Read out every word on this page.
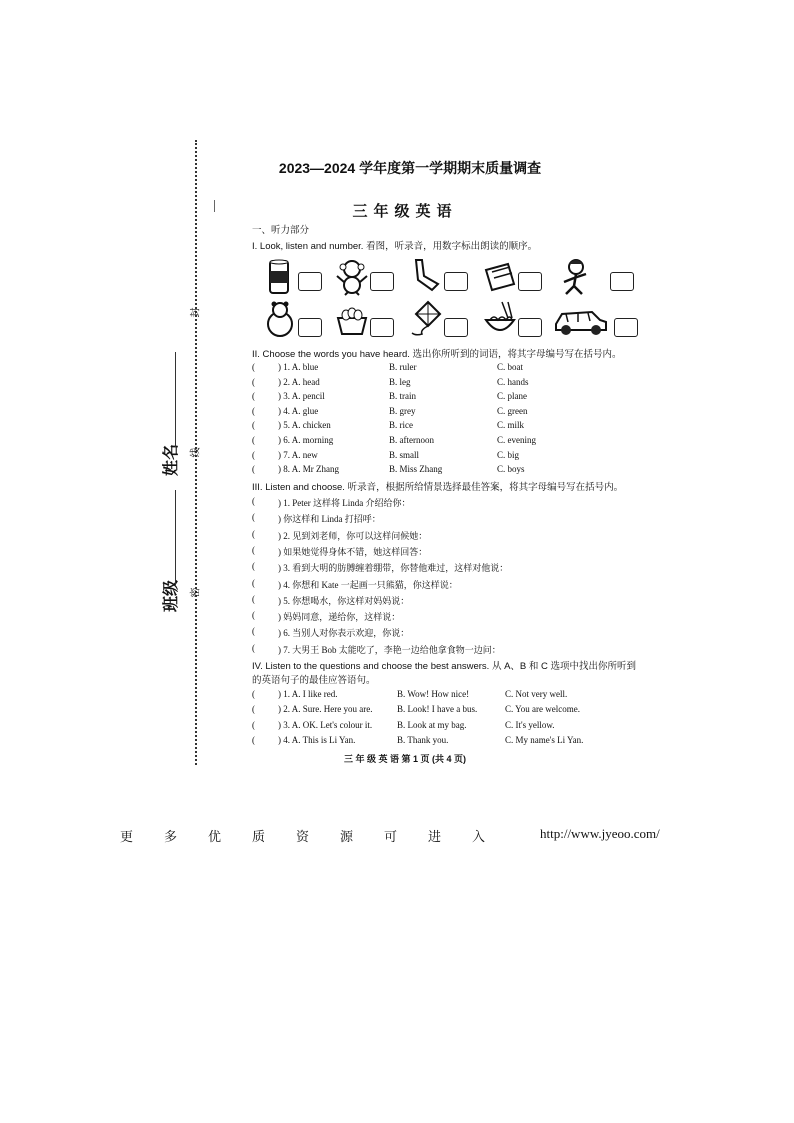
班级
姓名
密
线
封
2023—2024 学年度第一学期期末质量调查
三年级英语
一、听力部分
I. Look, listen and number. 看图，听录音，用数字标出朗读的顺序。
II. Choose the words you have heard. 选出你所听到的词语，将其字母编号写在括号内。
(	) 1. A. blue	B. ruler	C. boat
(	) 2. A. head	B. leg	C. hands
(	) 3. A. pencil	B. train	C. plane
(	) 4. A. glue	B. grey	C. green
(	) 5. A. chicken	B. rice	C. milk
(	) 6. A. morning	B. afternoon	C. evening
(	) 7. A. new	B. small	C. big
(	) 8. A. Mr Zhang	B. Miss Zhang	C. boys
III. Listen and choose. 听录音，根据所给情景选择最佳答案，将其字母编号写在括号内。
(	) 1. Peter 这样将 Linda 介绍给你：
(	) 你这样和 Linda 打招呼：
(	) 2. 见到刘老师，你可以这样问候她：
(	) 如果她觉得身体不错，她这样回答：
(	) 3. 看到大明的肪膊缠着绷带，你替他难过，这样对他说：
(	) 4. 你想和 Kate 一起画一只熊猫，你这样说：
(	) 5. 你想喝水，你这样对妈妈说：
(	) 妈妈同意，递给你，这样说：
(	) 6. 当别人对你表示欢迎，你说：
(	) 7. 大男王 Bob 太能吃了，李艳一边给他拿食物一边问：
IV. Listen to the questions and choose the best answers. 从 A、B 和 C 选项中找出你所听到
的英语句子的最佳应答语句。
(	) 1. A. I like red.	B. Wow! How nice!	C. Not very well.
(	) 2. A. Sure. Here you are.	B. Look! I have a bus.	C. You are welcome.
(	) 3. A. OK. Let's colour it.	B. Look at my bag.	C. It's yellow.
(	) 4. A. This is Li Yan.	B. Thank you.	C. My name's Li Yan.
三 年 级 英 语 第 1 页 (共 4 页)
更多优质资源可进入 http://www.jyeoo.com/
